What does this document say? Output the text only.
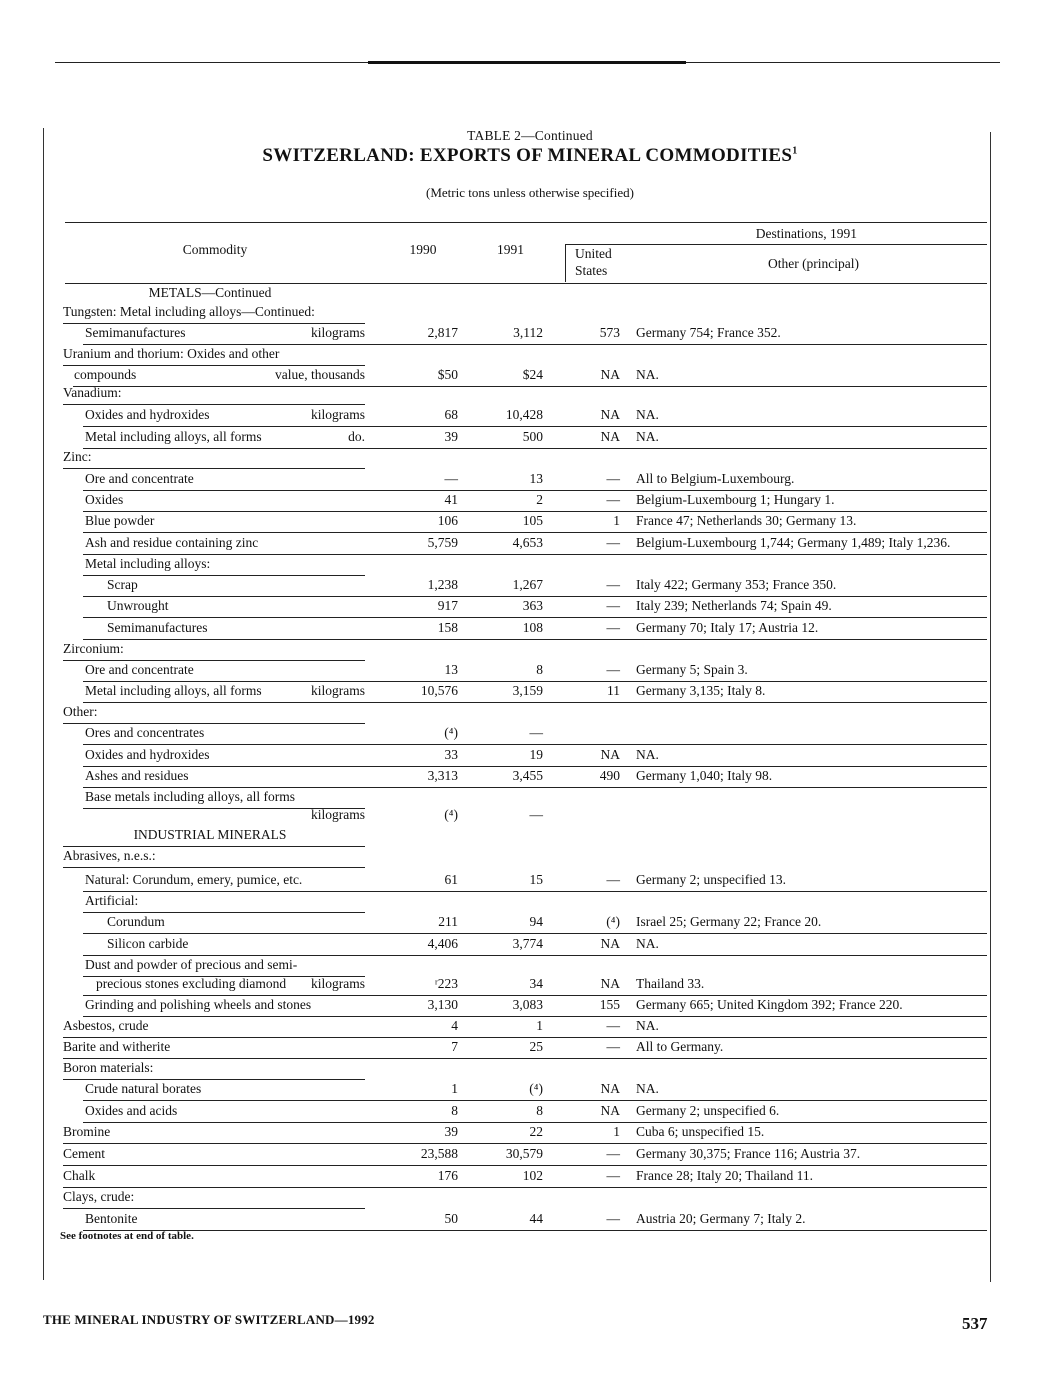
TABLE 2—Continued
SWITZERLAND: EXPORTS OF MINERAL COMMODITIES$^1$
(Metric tons unless otherwise specified)
Commodity	1990	1991
Destinations, 1991
United
States	Other (principal)
METALS—Continued
Tungsten: Metal including alloys—Continued:
Semimanufactures	kilograms	2,817	3,112	573 Germany 754; France 352.
Uranium and thorium: Oxides and other
compounds	value, thousands	$50	$24	NA NA.
Vanadium:
Oxides and hydroxides	kilograms	68	10,428	NA NA.
Metal including alloys, all forms	do.	39	500	NA NA.
Zinc:
Ore and concentrate	—	13	— All to Belgium-Luxembourg.
Oxides	41	2	— Belgium-Luxembourg 1; Hungary 1.
Blue powder	106	105	1 France 47; Netherlands 30; Germany 13.
Ash and residue containing zinc	5,759	4,653	— Belgium-Luxembourg 1,744; Germany 1,489; Italy 1,236.
Metal including alloys:
Scrap	1,238	1,267	— Italy 422; Germany 353; France 350.
Unwrought	917	363	— Italy 239; Netherlands 74; Spain 49.
Semimanufactures	158	108	— Germany 70; Italy 17; Austria 12.
Zirconium:
Ore and concentrate	13	8	— Germany 5; Spain 3.
Metal including alloys, all forms	kilograms	10,576	3,159	11 Germany 3,135; Italy 8.
Other:
Ores and concentrates	(⁴)	—
Oxides and hydroxides	33	19	NA NA.
Ashes and residues	3,313	3,455	490 Germany 1,040; Italy 98.
Base metals including alloys, all forms
kilograms	(⁴)	—
INDUSTRIAL MINERALS
Abrasives, n.e.s.:
Natural: Corundum, emery, pumice, etc.	61	15	— Germany 2; unspecified 13.
Artificial:
Corundum	211	94	(⁴) Israel 25; Germany 22; France 20.
Silicon carbide	4,406	3,774	NA NA.
Dust and powder of precious and semi-
precious stones excluding diamond	kilograms	ʳ223	34	NA Thailand 33.
Grinding and polishing wheels and stones	3,130	3,083	155 Germany 665; United Kingdom 392; France 220.
Asbestos, crude	4	1	— NA.
Barite and witherite	7	25	— All to Germany.
Boron materials:
Crude natural borates	1	(⁴)	NA NA.
Oxides and acids	8	8	NA Germany 2; unspecified 6.
Bromine	39	22	1 Cuba 6; unspecified 15.
Cement	23,588	30,579	— Germany 30,375; France 116; Austria 37.
Chalk	176	102	— France 28; Italy 20; Thailand 11.
Clays, crude:
Bentonite	50	44	— Austria 20; Germany 7; Italy 2.
See footnotes at end of table.
THE MINERAL INDUSTRY OF SWITZERLAND—1992	537
